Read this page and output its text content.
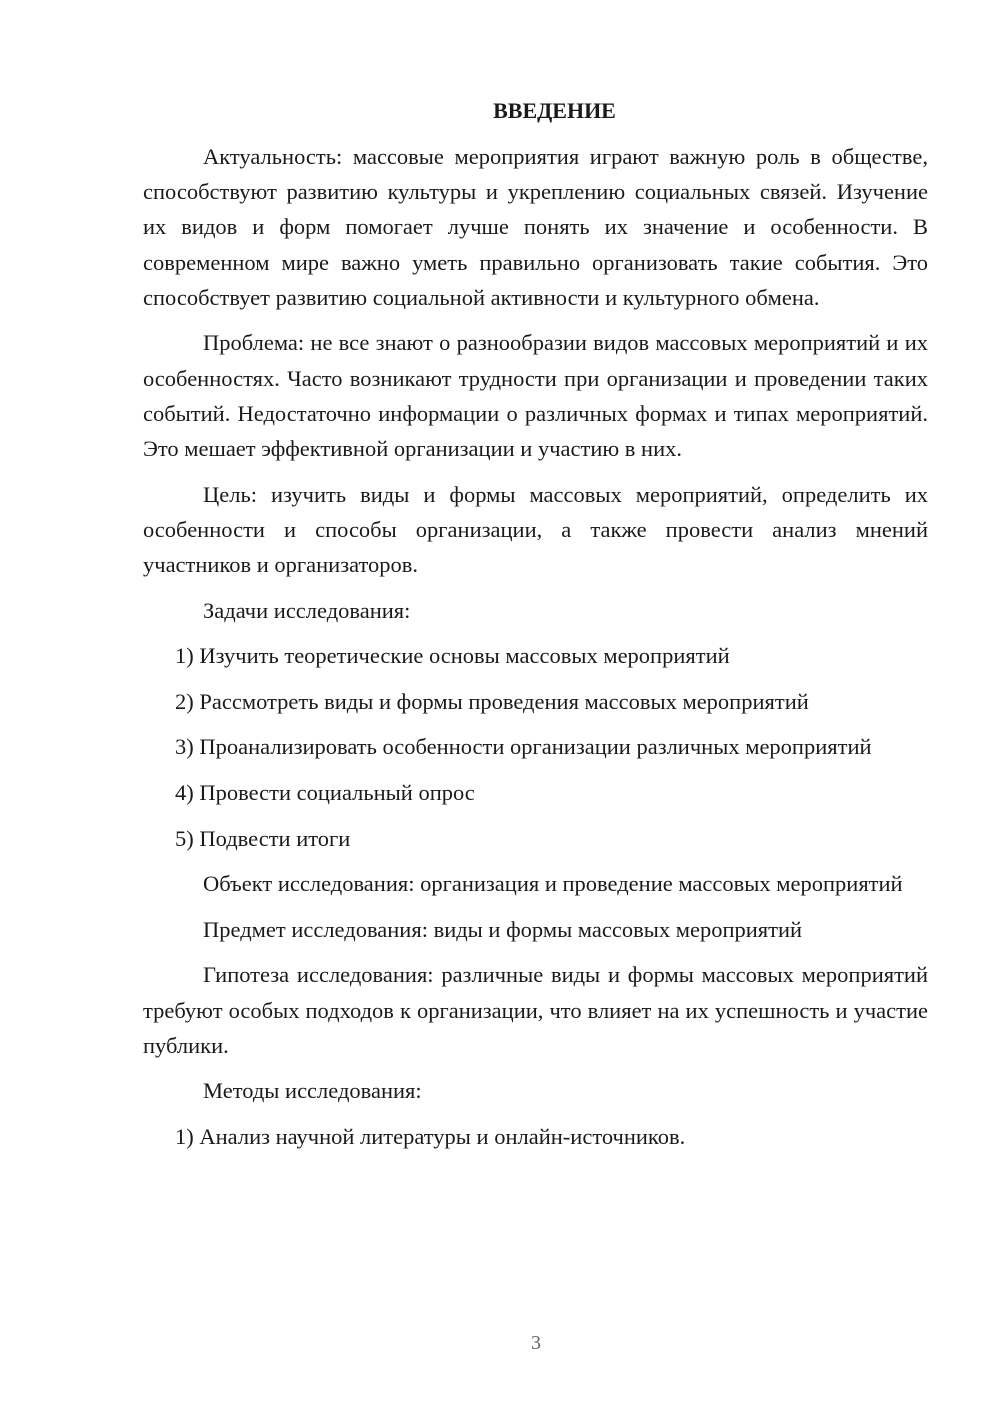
ВВЕДЕНИЕ

Актуальность: массовые мероприятия играют важную роль в обществе, способствуют развитию культуры и укреплению социальных связей. Изучение их видов и форм помогает лучше понять их значение и особенности. В современном мире важно уметь правильно организовать такие события. Это способствует развитию социальной активности и культурного обмена.

Проблема: не все знают о разнообразии видов массовых мероприятий и их особенностях. Часто возникают трудности при организации и проведении таких событий. Недостаточно информации о различных формах и типах мероприятий. Это мешает эффективной организации и участию в них.

Цель: изучить виды и формы массовых мероприятий, определить их особенности и способы организации, а также провести анализ мнений участников и организаторов.

Задачи исследования:

1) Изучить теоретические основы массовых мероприятий

2) Рассмотреть виды и формы проведения массовых мероприятий

3) Проанализировать особенности организации различных мероприятий

4) Провести социальный опрос

5) Подвести итоги

Объект исследования: организация и проведение массовых мероприятий

Предмет исследования: виды и формы массовых мероприятий

Гипотеза исследования: различные виды и формы массовых мероприятий требуют особых подходов к организации, что влияет на их успешность и участие публики.

Методы исследования:

1) Анализ научной литературы и онлайн-источников.

3
